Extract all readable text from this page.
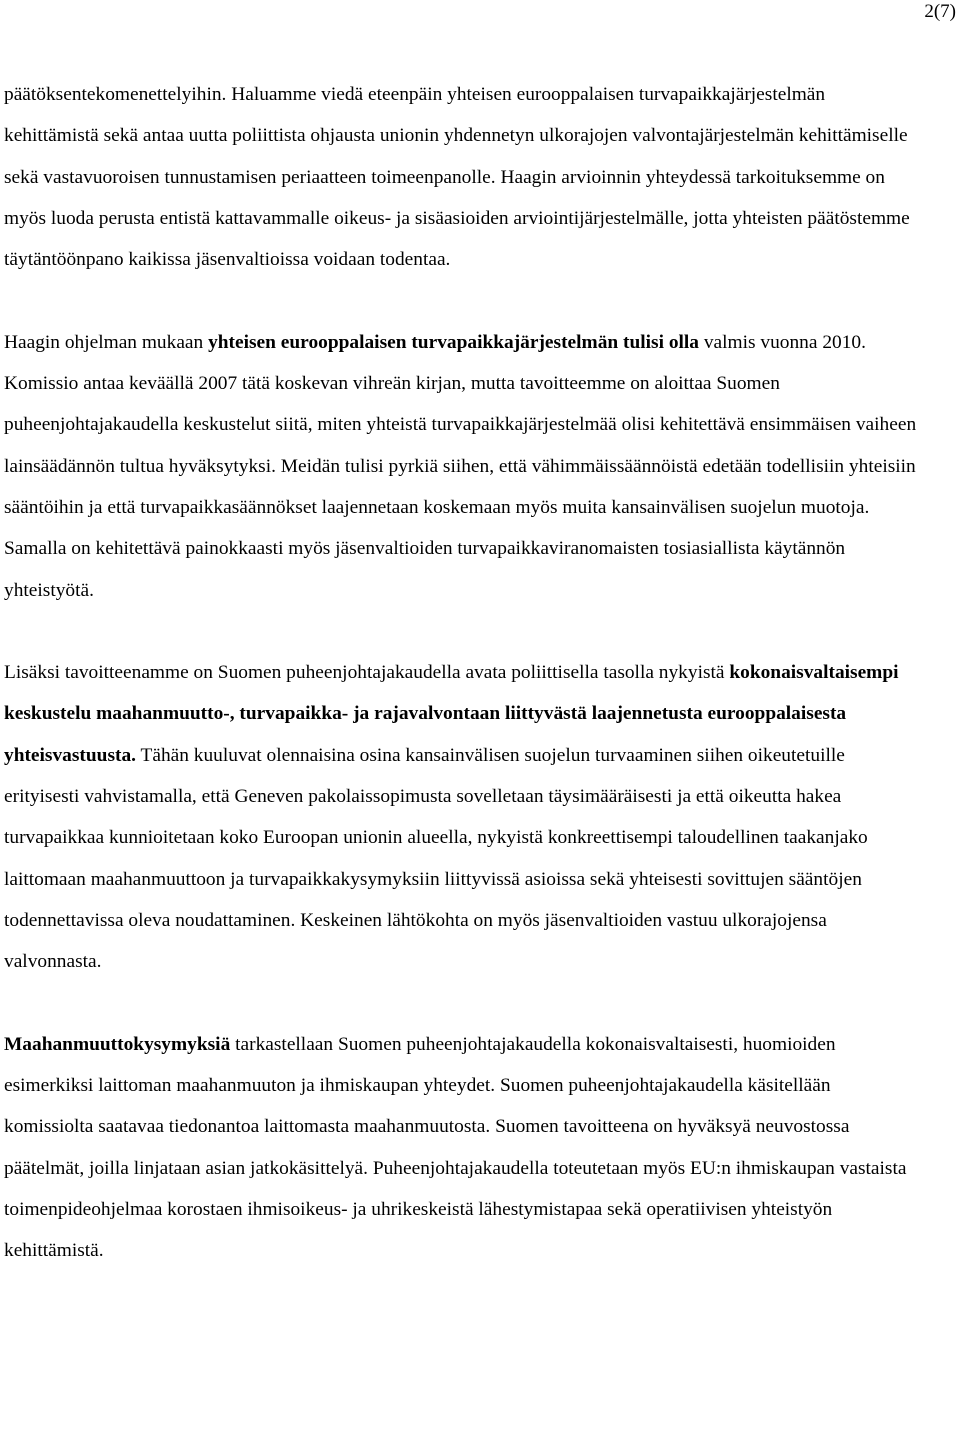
2(7)

päätöksentekomenettelyihin. Haluamme viedä eteenpäin yhteisen eurooppalaisen turvapaikkajärjestelmän kehittämistä sekä antaa uutta poliittista ohjausta unionin yhdennetyn ulkorajojen valvontajärjestelmän kehittämiselle sekä vastavuoroisen tunnustamisen periaatteen toimeenpanolle. Haagin arvioinnin yhteydessä tarkoituksemme on myös luoda perusta entistä kattavammalle oikeus- ja sisäasioiden arviointijärjestelmälle, jotta yhteisten päätöstemme täytäntöönpano kaikissa jäsenvaltioissa voidaan todentaa.

Haagin ohjelman mukaan yhteisen eurooppalaisen turvapaikkajärjestelmän tulisi olla valmis vuonna 2010. Komissio antaa keväällä 2007 tätä koskevan vihreän kirjan, mutta tavoitteemme on aloittaa Suomen puheenjohtajakaudella keskustelut siitä, miten yhteistä turvapaikkajärjestelmää olisi kehitettävä ensimmäisen vaiheen lainsäädännön tultua hyväksytyksi. Meidän tulisi pyrkiä siihen, että vähimmäissäännöistä edetään todellisiin yhteisiin sääntöihin ja että turvapaikkasäännökset laajennetaan koskemaan myös muita kansainvälisen suojelun muotoja. Samalla on kehitettävä painokkaasti myös jäsenvaltioiden turvapaikkaviranomaisten tosiasiallista käytännön yhteistyötä.

Lisäksi tavoitteenamme on Suomen puheenjohtajakaudella avata poliittisella tasolla nykyistä kokonaisvaltaisempi keskustelu maahanmuutto-, turvapaikka- ja rajavalvontaan liittyvästä laajennetusta eurooppalaisesta yhteisvastuusta. Tähän kuuluvat olennaisina osina kansainvälisen suojelun turvaaminen siihen oikeutetuille erityisesti vahvistamalla, että Geneven pakolaissopimusta sovelletaan täysimääräisesti ja että oikeutta hakea turvapaikkaa kunnioitetaan koko Euroopan unionin alueella, nykyistä konkreettisempi taloudellinen taakanjako laittomaan maahanmuuttoon ja turvapaikkakysymyksiin liittyvissä asioissa sekä yhteisesti sovittujen sääntöjen todennettavissa oleva noudattaminen. Keskeinen lähtökohta on myös jäsenvaltioiden vastuu ulkorajojensa valvonnasta.

Maahanmuuttokysymyksiä tarkastellaan Suomen puheenjohtajakaudella kokonaisvaltaisesti, huomioiden esimerkiksi laittoman maahanmuuton ja ihmiskaupan yhteydet. Suomen puheenjohtajakaudella käsitellään komissiolta saatavaa tiedonantoa laittomasta maahanmuutosta. Suomen tavoitteena on hyväksyä neuvostossa päätelmät, joilla linjataan asian jatkokäsittelyä. Puheenjohtajakaudella toteutetaan myös EU:n ihmiskaupan vastaista toimenpideohjelmaa korostaen ihmisoikeus- ja uhrikeskeistä lähestymistapaa sekä operatiivisen yhteistyön kehittämistä.
